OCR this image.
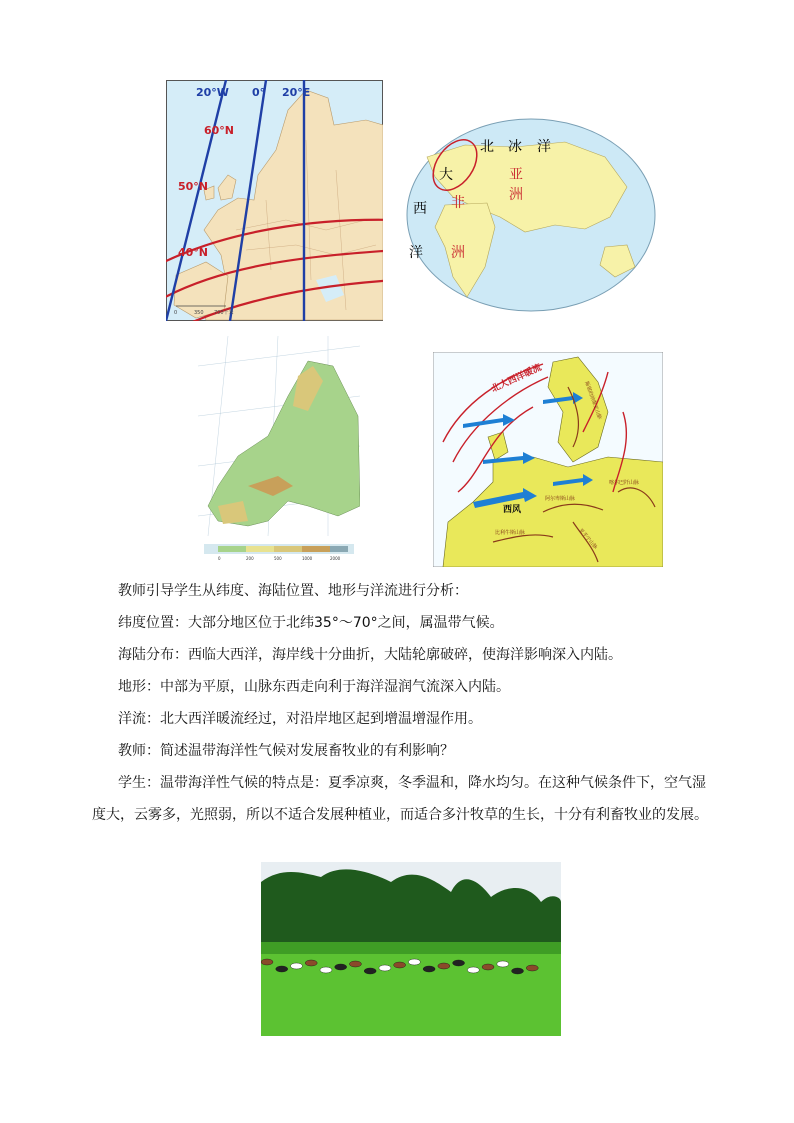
20°W 0° 20°E
60°N
50°N
40°N
0	350 700千米
北 冰 洋
亚
洲
大
西 非
洋 洲
0	200	500	1000	2000
北大西洋暖流
西风
斯堪的纳维亚山脉
比利牛斯山脉
阿尔卑斯山脉
喀尔巴阡山脉
亚平宁山脉

教师引导学生从纬度、海陆位置、地形与洋流进行分析：

纬度位置：大部分地区位于北纬35°～70°之间，属温带气候。

海陆分布：西临大西洋，海岸线十分曲折，大陆轮廓破碎，使海洋影响深入内陆。

地形：中部为平原，山脉东西走向利于海洋湿润气流深入内陆。

洋流：北大西洋暖流经过，对沿岸地区起到增温增湿作用。

教师：简述温带海洋性气候对发展畜牧业的有利影响？

学生：温带海洋性气候的特点是：夏季凉爽，冬季温和，降水均匀。在这种气候条件下，空气湿度大，云雾多，光照弱，所以不适合发展种植业，而适合多汁牧草的生长，十分有利畜牧业的发展。
